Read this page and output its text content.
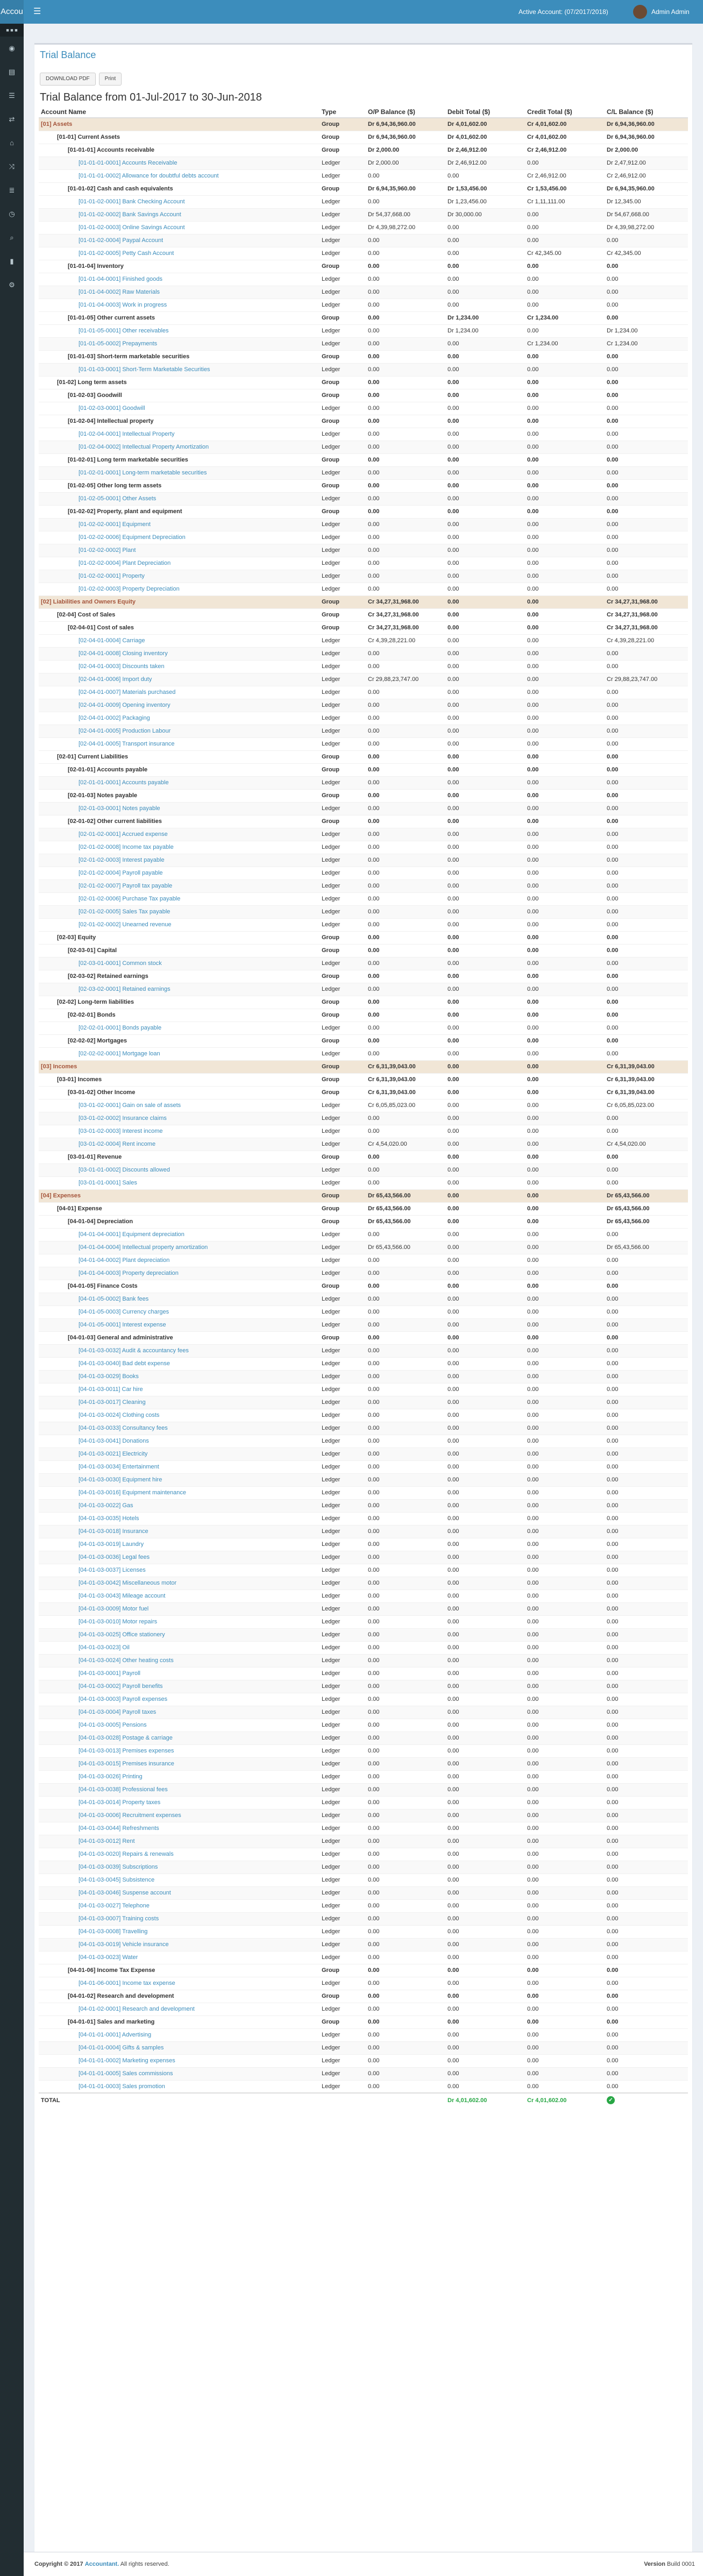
Accou ☰	Active Account: (07/2017/2018)	Admin Admin
■ ■ ■
◉
▤
☰
⇄
⌂
⤨
≣
◷
⌕
▮
⚙
Trial Balance
DOWNLOAD PDF	Print
Trial Balance from 01-Jul-2017 to 30-Jun-2018
Account Name	Type	O/P Balance ($)	Debit Total ($)	Credit Total ($)	C/L Balance ($)
[01] Assets	Group	Dr 6,94,36,960.00	Dr 4,01,602.00	Cr 4,01,602.00	Dr 6,94,36,960.00
[01-01] Current Assets	Group	Dr 6,94,36,960.00	Dr 4,01,602.00	Cr 4,01,602.00	Dr 6,94,36,960.00
[01-01-01] Accounts receivable	Group	Dr 2,000.00	Dr 2,46,912.00	Cr 2,46,912.00	Dr 2,000.00
[01-01-01-0001] Accounts Receivable	Ledger	Dr 2,000.00	Dr 2,46,912.00	0.00	Dr 2,47,912.00
[01-01-01-0002] Allowance for doubtful debts account	Ledger	0.00	0.00	Cr 2,46,912.00	Cr 2,46,912.00
[01-01-02] Cash and cash equivalents	Group	Dr 6,94,35,960.00	Dr 1,53,456.00	Cr 1,53,456.00	Dr 6,94,35,960.00
[01-01-02-0001] Bank Checking Account	Ledger	0.00	Dr 1,23,456.00	Cr 1,11,111.00	Dr 12,345.00
[01-01-02-0002] Bank Savings Account	Ledger	Dr 54,37,668.00	Dr 30,000.00	0.00	Dr 54,67,668.00
[01-01-02-0003] Online Savings Account	Ledger	Dr 4,39,98,272.00	0.00	0.00	Dr 4,39,98,272.00
[01-01-02-0004] Paypal Account	Ledger	0.00	0.00	0.00	0.00
[01-01-02-0005] Petty Cash Account	Ledger	0.00	0.00	Cr 42,345.00	Cr 42,345.00
[01-01-04] Inventory	Group	0.00	0.00	0.00	0.00
[01-01-04-0001] Finished goods	Ledger	0.00	0.00	0.00	0.00
[01-01-04-0002] Raw Materials	Ledger	0.00	0.00	0.00	0.00
[01-01-04-0003] Work in progress	Ledger	0.00	0.00	0.00	0.00
[01-01-05] Other current assets	Group	0.00	Dr 1,234.00	Cr 1,234.00	0.00
[01-01-05-0001] Other receivables	Ledger	0.00	Dr 1,234.00	0.00	Dr 1,234.00
[01-01-05-0002] Prepayments	Ledger	0.00	0.00	Cr 1,234.00	Cr 1,234.00
[01-01-03] Short-term marketable securities	Group	0.00	0.00	0.00	0.00
[01-01-03-0001] Short-Term Marketable Securities	Ledger	0.00	0.00	0.00	0.00
[01-02] Long term assets	Group	0.00	0.00	0.00	0.00
[01-02-03] Goodwill	Group	0.00	0.00	0.00	0.00
[01-02-03-0001] Goodwill	Ledger	0.00	0.00	0.00	0.00
[01-02-04] Intellectual property	Group	0.00	0.00	0.00	0.00
[01-02-04-0001] Intellectual Property	Ledger	0.00	0.00	0.00	0.00
[01-02-04-0002] Intellectual Property Amortization	Ledger	0.00	0.00	0.00	0.00
[01-02-01] Long term marketable securities	Group	0.00	0.00	0.00	0.00
[01-02-01-0001] Long-term marketable securities	Ledger	0.00	0.00	0.00	0.00
[01-02-05] Other long term assets	Group	0.00	0.00	0.00	0.00
[01-02-05-0001] Other Assets	Ledger	0.00	0.00	0.00	0.00
[01-02-02] Property, plant and equipment	Group	0.00	0.00	0.00	0.00
[01-02-02-0001] Equipment	Ledger	0.00	0.00	0.00	0.00
[01-02-02-0006] Equipment Depreciation	Ledger	0.00	0.00	0.00	0.00
[01-02-02-0002] Plant	Ledger	0.00	0.00	0.00	0.00
[01-02-02-0004] Plant Depreciation	Ledger	0.00	0.00	0.00	0.00
[01-02-02-0001] Property	Ledger	0.00	0.00	0.00	0.00
[01-02-02-0003] Property Depreciation	Ledger	0.00	0.00	0.00	0.00
[02] Liabilities and Owners Equity	Group	Cr 34,27,31,968.00	0.00	0.00	Cr 34,27,31,968.00
[02-04] Cost of Sales	Group	Cr 34,27,31,968.00	0.00	0.00	Cr 34,27,31,968.00
[02-04-01] Cost of sales	Group	Cr 34,27,31,968.00	0.00	0.00	Cr 34,27,31,968.00
[02-04-01-0004] Carriage	Ledger	Cr 4,39,28,221.00	0.00	0.00	Cr 4,39,28,221.00
[02-04-01-0008] Closing inventory	Ledger	0.00	0.00	0.00	0.00
[02-04-01-0003] Discounts taken	Ledger	0.00	0.00	0.00	0.00
[02-04-01-0006] Import duty	Ledger	Cr 29,88,23,747.00	0.00	0.00	Cr 29,88,23,747.00
[02-04-01-0007] Materials purchased	Ledger	0.00	0.00	0.00	0.00
[02-04-01-0009] Opening inventory	Ledger	0.00	0.00	0.00	0.00
[02-04-01-0002] Packaging	Ledger	0.00	0.00	0.00	0.00
[02-04-01-0005] Production Labour	Ledger	0.00	0.00	0.00	0.00
[02-04-01-0005] Transport insurance	Ledger	0.00	0.00	0.00	0.00
[02-01] Current Liabilities	Group	0.00	0.00	0.00	0.00
[02-01-01] Accounts payable	Group	0.00	0.00	0.00	0.00
[02-01-01-0001] Accounts payable	Ledger	0.00	0.00	0.00	0.00
[02-01-03] Notes payable	Group	0.00	0.00	0.00	0.00
[02-01-03-0001] Notes payable	Ledger	0.00	0.00	0.00	0.00
[02-01-02] Other current liabilities	Group	0.00	0.00	0.00	0.00
[02-01-02-0001] Accrued expense	Ledger	0.00	0.00	0.00	0.00
[02-01-02-0008] Income tax payable	Ledger	0.00	0.00	0.00	0.00
[02-01-02-0003] Interest payable	Ledger	0.00	0.00	0.00	0.00
[02-01-02-0004] Payroll payable	Ledger	0.00	0.00	0.00	0.00
[02-01-02-0007] Payroll tax payable	Ledger	0.00	0.00	0.00	0.00
[02-01-02-0006] Purchase Tax payable	Ledger	0.00	0.00	0.00	0.00
[02-01-02-0005] Sales Tax payable	Ledger	0.00	0.00	0.00	0.00
[02-01-02-0002] Unearned revenue	Ledger	0.00	0.00	0.00	0.00
[02-03] Equity	Group	0.00	0.00	0.00	0.00
[02-03-01] Capital	Group	0.00	0.00	0.00	0.00
[02-03-01-0001] Common stock	Ledger	0.00	0.00	0.00	0.00
[02-03-02] Retained earnings	Group	0.00	0.00	0.00	0.00
[02-03-02-0001] Retained earnings	Ledger	0.00	0.00	0.00	0.00
[02-02] Long-term liabilities	Group	0.00	0.00	0.00	0.00
[02-02-01] Bonds	Group	0.00	0.00	0.00	0.00
[02-02-01-0001] Bonds payable	Ledger	0.00	0.00	0.00	0.00
[02-02-02] Mortgages	Group	0.00	0.00	0.00	0.00
[02-02-02-0001] Mortgage loan	Ledger	0.00	0.00	0.00	0.00
[03] Incomes	Group	Cr 6,31,39,043.00	0.00	0.00	Cr 6,31,39,043.00
[03-01] Incomes	Group	Cr 6,31,39,043.00	0.00	0.00	Cr 6,31,39,043.00
[03-01-02] Other Income	Group	Cr 6,31,39,043.00	0.00	0.00	Cr 6,31,39,043.00
[03-01-02-0001] Gain on sale of assets	Ledger	Cr 6,05,85,023.00	0.00	0.00	Cr 6,05,85,023.00
[03-01-02-0002] Insurance claims	Ledger	0.00	0.00	0.00	0.00
[03-01-02-0003] Interest income	Ledger	0.00	0.00	0.00	0.00
[03-01-02-0004] Rent income	Ledger	Cr 4,54,020.00	0.00	0.00	Cr 4,54,020.00
[03-01-01] Revenue	Group	0.00	0.00	0.00	0.00
[03-01-01-0002] Discounts allowed	Ledger	0.00	0.00	0.00	0.00
[03-01-01-0001] Sales	Ledger	0.00	0.00	0.00	0.00
[04] Expenses	Group	Dr 65,43,566.00	0.00	0.00	Dr 65,43,566.00
[04-01] Expense	Group	Dr 65,43,566.00	0.00	0.00	Dr 65,43,566.00
[04-01-04] Depreciation	Group	Dr 65,43,566.00	0.00	0.00	Dr 65,43,566.00
[04-01-04-0001] Equipment depreciation	Ledger	0.00	0.00	0.00	0.00
[04-01-04-0004] Intellectual property amortization	Ledger	Dr 65,43,566.00	0.00	0.00	Dr 65,43,566.00
[04-01-04-0002] Plant depreciation	Ledger	0.00	0.00	0.00	0.00
[04-01-04-0003] Property depreciation	Ledger	0.00	0.00	0.00	0.00
[04-01-05] Finance Costs	Group	0.00	0.00	0.00	0.00
[04-01-05-0002] Bank fees	Ledger	0.00	0.00	0.00	0.00
[04-01-05-0003] Currency charges	Ledger	0.00	0.00	0.00	0.00
[04-01-05-0001] Interest expense	Ledger	0.00	0.00	0.00	0.00
[04-01-03] General and administrative	Group	0.00	0.00	0.00	0.00
[04-01-03-0032] Audit & accountancy fees	Ledger	0.00	0.00	0.00	0.00
[04-01-03-0040] Bad debt expense	Ledger	0.00	0.00	0.00	0.00
[04-01-03-0029] Books	Ledger	0.00	0.00	0.00	0.00
[04-01-03-0011] Car hire	Ledger	0.00	0.00	0.00	0.00
[04-01-03-0017] Cleaning	Ledger	0.00	0.00	0.00	0.00
[04-01-03-0024] Clothing costs	Ledger	0.00	0.00	0.00	0.00
[04-01-03-0033] Consultancy fees	Ledger	0.00	0.00	0.00	0.00
[04-01-03-0041] Donations	Ledger	0.00	0.00	0.00	0.00
[04-01-03-0021] Electricity	Ledger	0.00	0.00	0.00	0.00
[04-01-03-0034] Entertainment	Ledger	0.00	0.00	0.00	0.00
[04-01-03-0030] Equipment hire	Ledger	0.00	0.00	0.00	0.00
[04-01-03-0016] Equipment maintenance	Ledger	0.00	0.00	0.00	0.00
[04-01-03-0022] Gas	Ledger	0.00	0.00	0.00	0.00
[04-01-03-0035] Hotels	Ledger	0.00	0.00	0.00	0.00
[04-01-03-0018] Insurance	Ledger	0.00	0.00	0.00	0.00
[04-01-03-0019] Laundry	Ledger	0.00	0.00	0.00	0.00
[04-01-03-0036] Legal fees	Ledger	0.00	0.00	0.00	0.00
[04-01-03-0037] Licenses	Ledger	0.00	0.00	0.00	0.00
[04-01-03-0042] Miscellaneous motor	Ledger	0.00	0.00	0.00	0.00
[04-01-03-0043] Mileage account	Ledger	0.00	0.00	0.00	0.00
[04-01-03-0009] Motor fuel	Ledger	0.00	0.00	0.00	0.00
[04-01-03-0010] Motor repairs	Ledger	0.00	0.00	0.00	0.00
[04-01-03-0025] Office stationery	Ledger	0.00	0.00	0.00	0.00
[04-01-03-0023] Oil	Ledger	0.00	0.00	0.00	0.00
[04-01-03-0024] Other heating costs	Ledger	0.00	0.00	0.00	0.00
[04-01-03-0001] Payroll	Ledger	0.00	0.00	0.00	0.00
[04-01-03-0002] Payroll benefits	Ledger	0.00	0.00	0.00	0.00
[04-01-03-0003] Payroll expenses	Ledger	0.00	0.00	0.00	0.00
[04-01-03-0004] Payroll taxes	Ledger	0.00	0.00	0.00	0.00
[04-01-03-0005] Pensions	Ledger	0.00	0.00	0.00	0.00
[04-01-03-0028] Postage & carriage	Ledger	0.00	0.00	0.00	0.00
[04-01-03-0013] Premises expenses	Ledger	0.00	0.00	0.00	0.00
[04-01-03-0015] Premises insurance	Ledger	0.00	0.00	0.00	0.00
[04-01-03-0026] Printing	Ledger	0.00	0.00	0.00	0.00
[04-01-03-0038] Professional fees	Ledger	0.00	0.00	0.00	0.00
[04-01-03-0014] Property taxes	Ledger	0.00	0.00	0.00	0.00
[04-01-03-0006] Recruitment expenses	Ledger	0.00	0.00	0.00	0.00
[04-01-03-0044] Refreshments	Ledger	0.00	0.00	0.00	0.00
[04-01-03-0012] Rent	Ledger	0.00	0.00	0.00	0.00
[04-01-03-0020] Repairs & renewals	Ledger	0.00	0.00	0.00	0.00
[04-01-03-0039] Subscriptions	Ledger	0.00	0.00	0.00	0.00
[04-01-03-0045] Subsistence	Ledger	0.00	0.00	0.00	0.00
[04-01-03-0046] Suspense account	Ledger	0.00	0.00	0.00	0.00
[04-01-03-0027] Telephone	Ledger	0.00	0.00	0.00	0.00
[04-01-03-0007] Training costs	Ledger	0.00	0.00	0.00	0.00
[04-01-03-0008] Travelling	Ledger	0.00	0.00	0.00	0.00
[04-01-03-0019] Vehicle insurance	Ledger	0.00	0.00	0.00	0.00
[04-01-03-0023] Water	Ledger	0.00	0.00	0.00	0.00
[04-01-06] Income Tax Expense	Group	0.00	0.00	0.00	0.00
[04-01-06-0001] Income tax expense	Ledger	0.00	0.00	0.00	0.00
[04-01-02] Research and development	Group	0.00	0.00	0.00	0.00
[04-01-02-0001] Research and development	Ledger	0.00	0.00	0.00	0.00
[04-01-01] Sales and marketing	Group	0.00	0.00	0.00	0.00
[04-01-01-0001] Advertising	Ledger	0.00	0.00	0.00	0.00
[04-01-01-0004] Gifts & samples	Ledger	0.00	0.00	0.00	0.00
[04-01-01-0002] Marketing expenses	Ledger	0.00	0.00	0.00	0.00
[04-01-01-0005] Sales commissions	Ledger	0.00	0.00	0.00	0.00
[04-01-01-0003] Sales promotion	Ledger	0.00	0.00	0.00	0.00
TOTAL			Dr 4,01,602.00	Cr 4,01,602.00	✓
Copyright © 2017 Accountant. All rights reserved.	Version Build 0001
